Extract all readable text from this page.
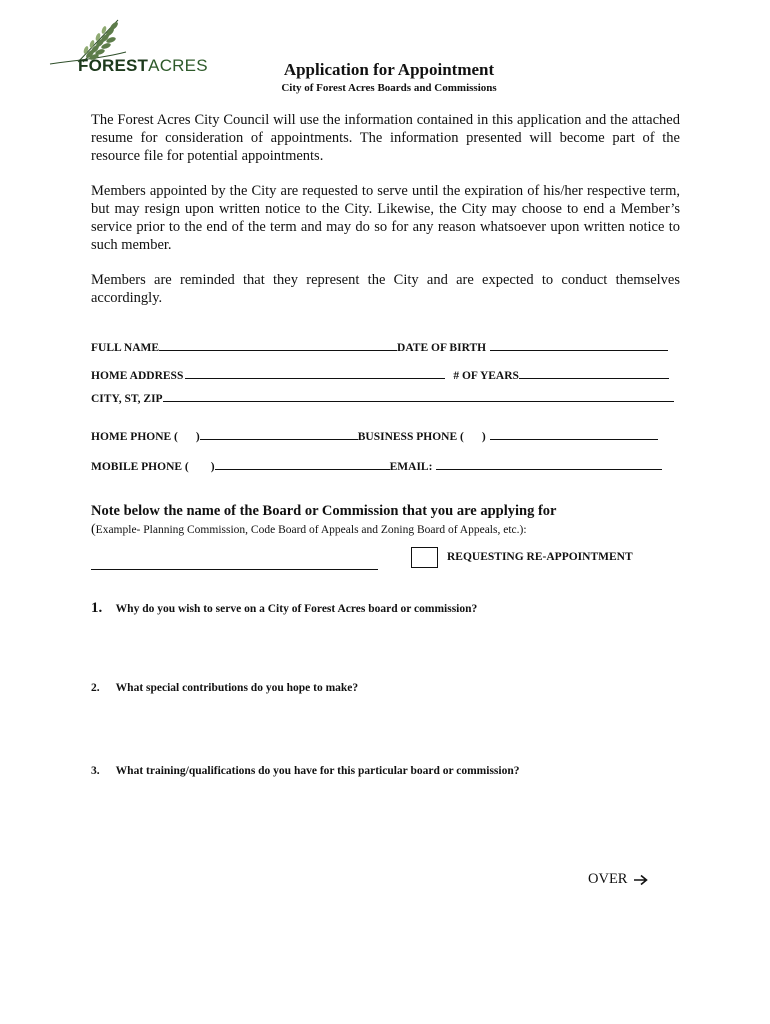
FORESTACRES	Application for Appointment
City of Forest Acres Boards and Commissions
The Forest Acres City Council will use the information contained in this application and the attached resume for consideration of appointments. The information presented will become part of the resource file for potential appointments.
Members appointed by the City are requested to serve until the expiration of his/her respective term, but may resign upon written notice to the City. Likewise, the City may choose to end a Member’s service prior to the end of the term and may do so for any reason whatsoever upon written notice to such member.
Members are reminded that they represent the City and are expected to conduct themselves accordingly.
FULL NAME	DATE OF BIRTH
HOME ADDRESS	# OF YEARS
CITY, ST, ZIP
HOME PHONE ( )	BUSINESS PHONE ( )
MOBILE PHONE ( )	EMAIL:
Note below the name of the Board or Commission that you are applying for
(Example- Planning Commission, Code Board of Appeals and Zoning Board of Appeals, etc.):
REQUESTING RE-APPOINTMENT
1. Why do you wish to serve on a City of Forest Acres board or commission?
2. What special contributions do you hope to make?
3. What training/qualifications do you have for this particular board or commission?
OVER
